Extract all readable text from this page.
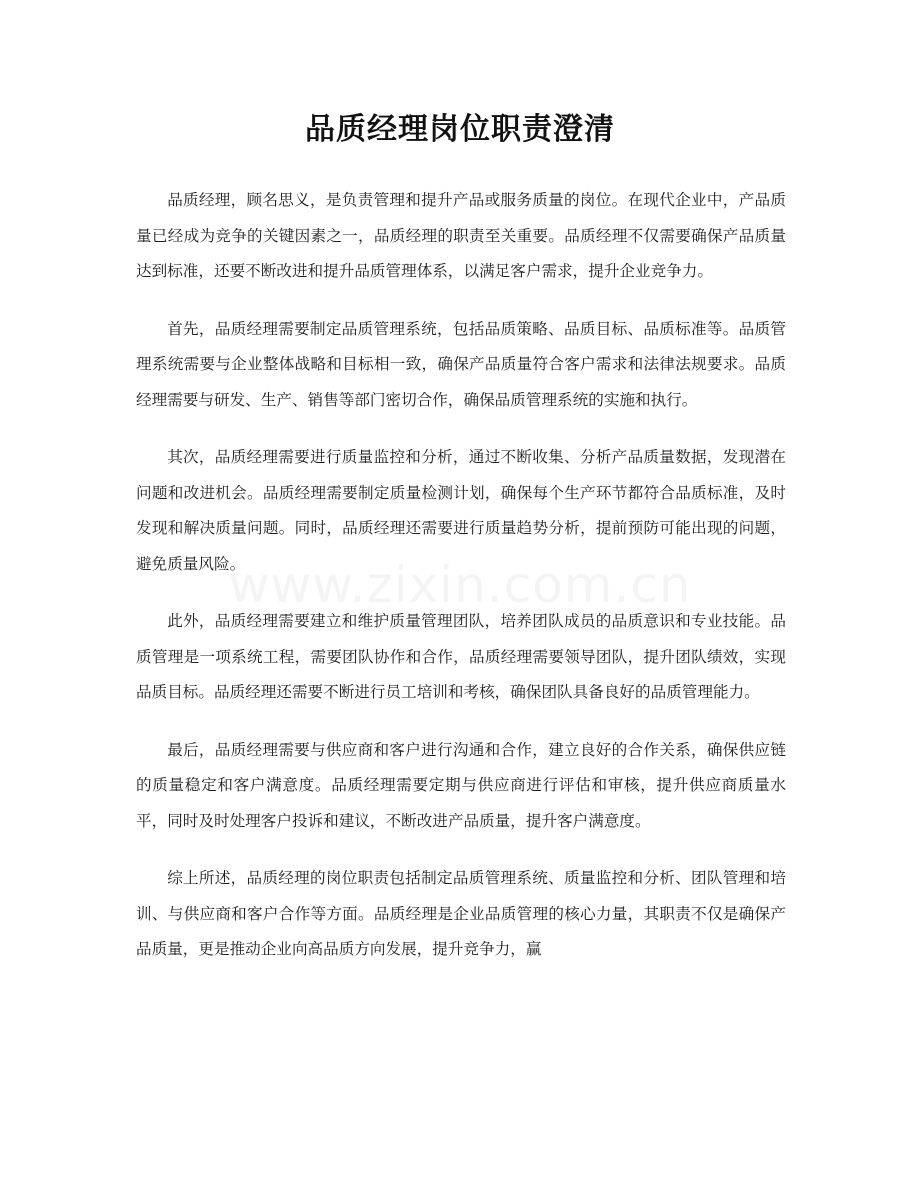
www.zixin.com.cn
品质经理岗位职责澄清

品质经理，顾名思义，是负责管理和提升产品或服务质量的岗位。在现代企业中，产品质量已经成为竞争的关键因素之一，品质经理的职责至关重要。品质经理不仅需要确保产品质量达到标准，还要不断改进和提升品质管理体系，以满足客户需求，提升企业竞争力。

首先，品质经理需要制定品质管理系统，包括品质策略、品质目标、品质标准等。品质管理系统需要与企业整体战略和目标相一致，确保产品质量符合客户需求和法律法规要求。品质经理需要与研发、生产、销售等部门密切合作，确保品质管理系统的实施和执行。

其次，品质经理需要进行质量监控和分析，通过不断收集、分析产品质量数据，发现潜在问题和改进机会。品质经理需要制定质量检测计划，确保每个生产环节都符合品质标准，及时发现和解决质量问题。同时，品质经理还需要进行质量趋势分析，提前预防可能出现的问题，避免质量风险。

此外，品质经理需要建立和维护质量管理团队，培养团队成员的品质意识和专业技能。品质管理是一项系统工程，需要团队协作和合作，品质经理需要领导团队，提升团队绩效，实现品质目标。品质经理还需要不断进行员工培训和考核，确保团队具备良好的品质管理能力。

最后，品质经理需要与供应商和客户进行沟通和合作，建立良好的合作关系，确保供应链的质量稳定和客户满意度。品质经理需要定期与供应商进行评估和审核，提升供应商质量水平，同时及时处理客户投诉和建议，不断改进产品质量，提升客户满意度。

综上所述，品质经理的岗位职责包括制定品质管理系统、质量监控和分析、团队管理和培训、与供应商和客户合作等方面。品质经理是企业品质管理的核心力量，其职责不仅是确保产品质量，更是推动企业向高品质方向发展，提升竞争力，赢
